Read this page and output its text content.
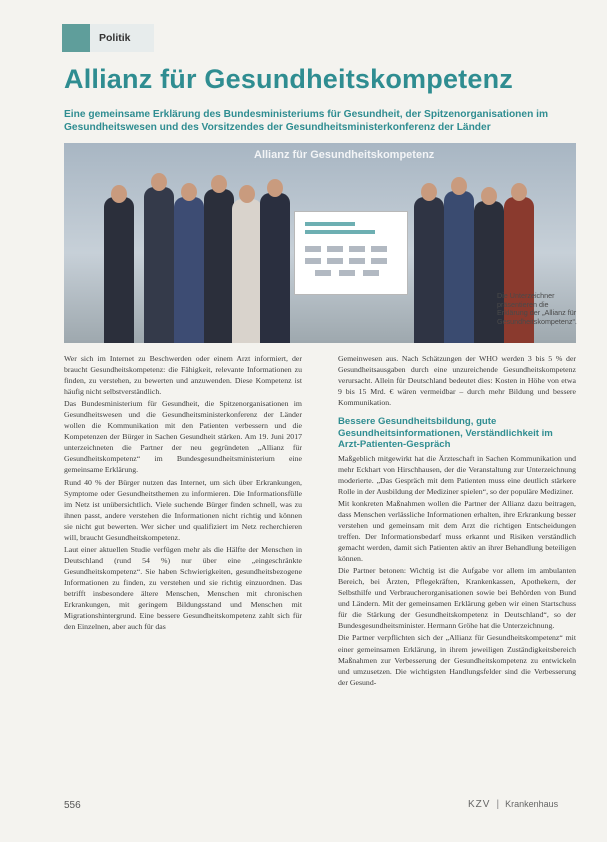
Politik
Allianz für Gesundheitskompetenz
Eine gemeinsame Erklärung des Bundesministeriums für Gesundheit, der Spitzenorganisationen im Gesundheitswesen und des Vorsitzendes der Gesundheitsministerkonferenz der Länder
Allianz für Gesundheitskompetenz
Die Unterzeichner präsentieren die Erklärung der „Allianz für Gesundheitskompetenz“.

Wer sich im Internet zu Beschwerden oder einem Arzt informiert, der braucht Gesundheitskompetenz: die Fähigkeit, relevante Informationen zu finden, zu verstehen, zu bewerten und anzuwenden. Diese Kompetenz ist häufig nicht selbstverständlich.

Das Bundesministerium für Gesundheit, die Spitzenorganisationen im Gesundheitswesen und die Gesundheitsministerkonferenz der Länder wollen die Kommunikation mit den Patienten verbessern und die Kompetenzen der Bürger in Sachen Gesundheit stärken. Am 19. Juni 2017 unterzeichneten die Partner der neu gegründeten „Allianz für Gesundheitskompetenz“ im Bundesgesundheitsministerium eine gemeinsame Erklärung.

Rund 40 % der Bürger nutzen das Internet, um sich über Erkrankungen, Symptome oder Gesundheitsthemen zu informieren. Die Informationsfülle im Netz ist unübersichtlich. Viele suchende Bürger finden schnell, was zu ihnen passt, andere verstehen die Informationen nicht richtig und können sie nicht gut bewerten. Wer sicher und qualifiziert im Netz recherchieren will, braucht Gesundheitskompetenz.

Laut einer aktuellen Studie verfügen mehr als die Hälfte der Menschen in Deutschland (rund 54 %) nur über eine „eingeschränkte Gesundheitskompetenz“. Sie haben Schwierigkeiten, gesundheitsbezogene Informationen zu finden, zu verstehen und sie richtig einzuordnen. Das betrifft insbesondere ältere Menschen, Menschen mit chronischen Erkrankungen, mit geringem Bildungsstand und Menschen mit Migrationshintergrund. Eine bessere Gesundheitskompetenz zahlt sich für den Einzelnen, aber auch für das

Gemeinwesen aus. Nach Schätzungen der WHO werden 3 bis 5 % der Gesundheitsausgaben durch eine unzureichende Gesundheitskompetenz verursacht. Allein für Deutschland bedeutet dies: Kosten in Höhe von etwa 9 bis 15 Mrd. € wären vermeidbar – durch mehr Bildung und bessere Kommunikation.

Bessere Gesundheitsbildung, gute Gesundheitsinformationen, Verständlichkeit im Arzt-Patienten-Gespräch

Maßgeblich mitgewirkt hat die Ärzteschaft in Sachen Kommunikation und mehr Eckhart von Hirschhausen, der die Veranstaltung zur Unterzeichnung moderierte. „Das Gespräch mit dem Patienten muss eine deutlich stärkere Rolle in der Ausbildung der Mediziner spielen“, so der populäre Mediziner.

Mit konkreten Maßnahmen wollen die Partner der Allianz dazu beitragen, dass Menschen verlässliche Informationen erhalten, ihre Erkrankung besser verstehen und gemeinsam mit dem Arzt die richtigen Entscheidungen treffen. Der Informationsbedarf muss erkannt und Risiken verständlich gemacht werden, damit sich Patienten aktiv an ihrer Behandlung beteiligen können.

Die Partner betonen: Wichtig ist die Aufgabe vor allem im ambulanten Bereich, bei Ärzten, Pflegekräften, Krankenkassen, Apothekern, der Selbsthilfe und Verbraucherorganisationen sowie bei Behörden von Bund und Ländern. Mit der gemeinsamen Erklärung geben wir einen Startschuss für die Stärkung der Gesundheitskompetenz in Deutschland“, so der Bundesgesundheitsminister. Hermann Gröhe hat die Unterzeichnung.

Die Partner verpflichten sich der „Allianz für Gesundheitskompetenz“ mit einer gemeinsamen Erklärung, in ihrem jeweiligen Zuständigkeitsbereich Maßnahmen zur Verbesserung der Gesundheitskompetenz zu entwickeln und umzusetzen. Die wichtigsten Handlungsfelder sind die Verbesserung der Gesund-

556	KZV | Krankenhaus
